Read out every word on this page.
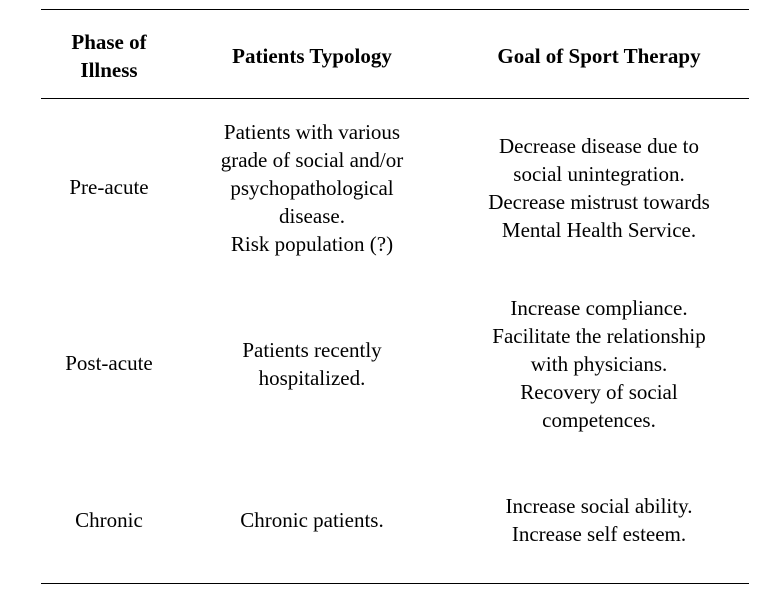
Phase of
Illness
Patients Typology	Goal of Sport Therapy
Pre-acute
Patients with various
grade of social and/or
psychopathological
disease.
Risk population (?)
Decrease disease due to
social unintegration.
Decrease mistrust towards
Mental Health Service.
Post-acute
Patients recently
hospitalized.
Increase compliance.
Facilitate the relationship
with physicians.
Recovery of social
competences.
Chronic	Chronic patients.
Increase social ability.
Increase self esteem.
